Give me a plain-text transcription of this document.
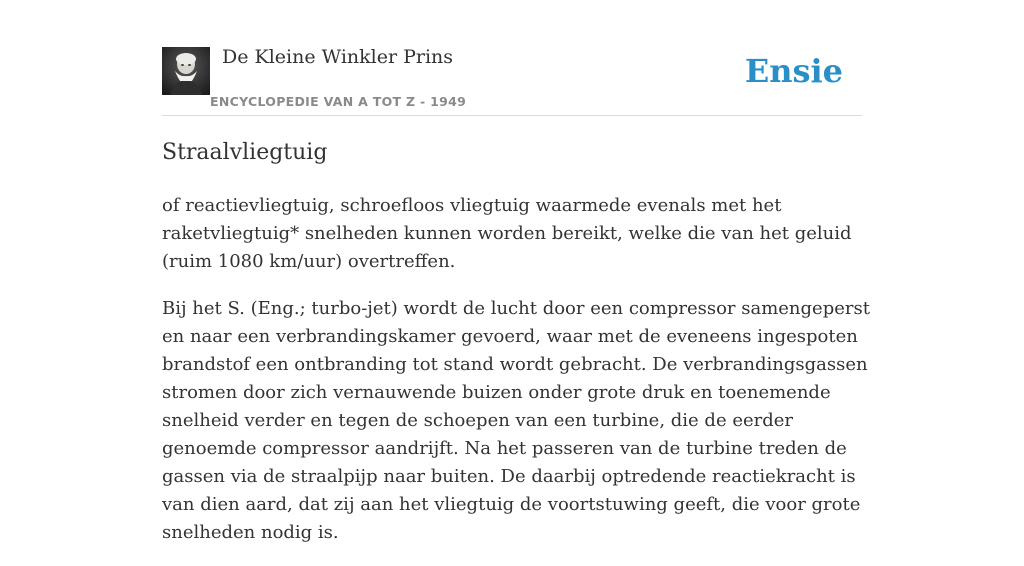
De Kleine Winkler Prins
ENCYCLOPEDIE VAN A TOT Z - 1949
Ensie
Straalvliegtuig

of reactievliegtuig, schroefloos vliegtuig waarmede evenals met het raketvliegtuig* snelheden kunnen worden bereikt, welke die van het geluid (ruim 1080 km/uur) overtreffen.

Bij het S. (Eng.; turbo-jet) wordt de lucht door een compressor samengeperst en naar een verbrandingskamer gevoerd, waar met de eveneens ingespoten brandstof een ontbranding tot stand wordt gebracht. De verbrandingsgassen stromen door zich vernauwende buizen onder grote druk en toenemende snelheid verder en tegen de schoepen van een turbine, die de eerder genoemde compressor aandrijft. Na het passeren van de turbine treden de gassen via de straalpijp naar buiten. De daarbij optredende reactiekracht is van dien aard, dat zij aan het vliegtuig de voortstuwing geeft, die voor grote snelheden nodig is.
